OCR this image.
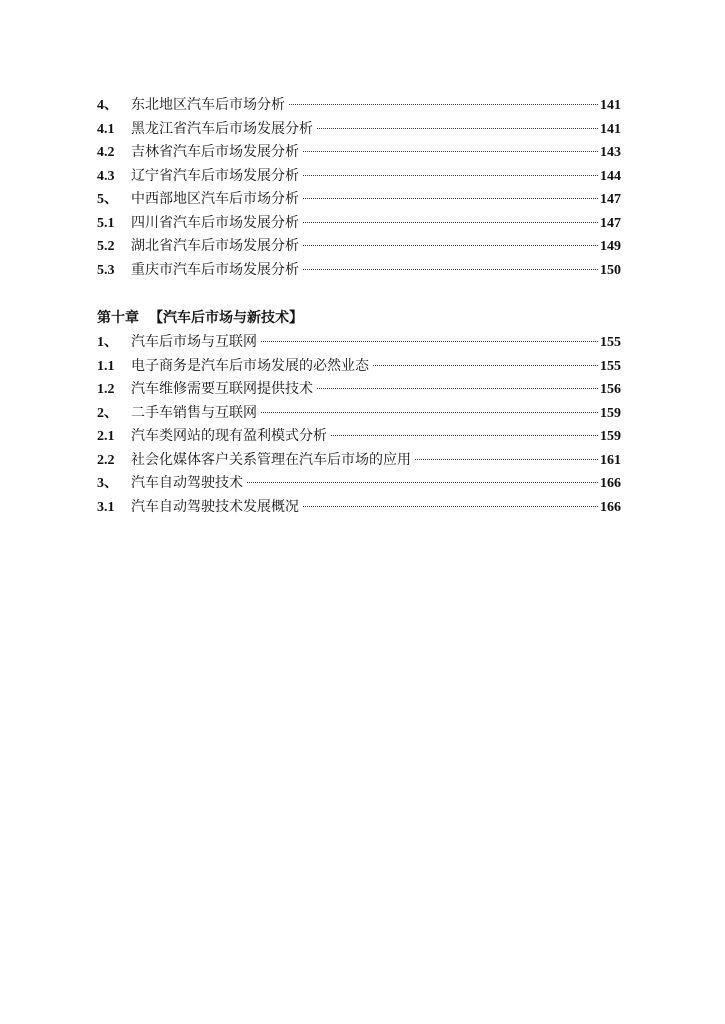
4、 东北地区汽车后市场分析	141
4.1	黑龙江省汽车后市场发展分析	141
4.2	吉林省汽车后市场发展分析	143
4.3	辽宁省汽车后市场发展分析	144
5、 中西部地区汽车后市场分析	147
5.1	四川省汽车后市场发展分析	147
5.2	湖北省汽车后市场发展分析	149
5.3	重庆市汽车后市场发展分析	150
第十章 【汽车后市场与新技术】
1、 汽车后市场与互联网	155
1.1	电子商务是汽车后市场发展的必然业态	155
1.2	汽车维修需要互联网提供技术	156
2、 二手车销售与互联网	159
2.1	汽车类网站的现有盈利模式分析	159
2.2	社会化媒体客户关系管理在汽车后市场的应用	161
3、 汽车自动驾驶技术	166
3.1	汽车自动驾驶技术发展概况	166
